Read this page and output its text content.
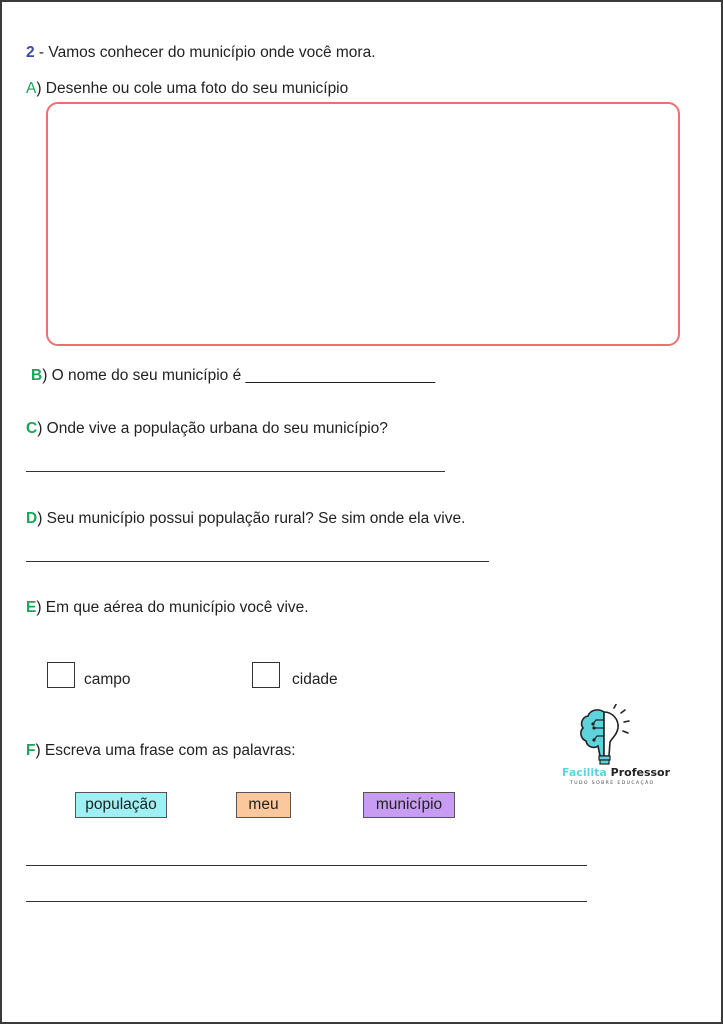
2 - Vamos conhecer do município onde você mora.
A) Desenhe ou cole uma foto do seu município
B) O nome do seu município é ______________________
C) Onde vive a população urbana do seu município?
D) Seu município possui população rural? Se sim onde ela vive.
E) Em que aérea do município você vive.
campo	cidade
Facilita Professor
TUDO SOBRE EDUCAÇÃO
F) Escreva uma frase com as palavras:
população	meu	município
